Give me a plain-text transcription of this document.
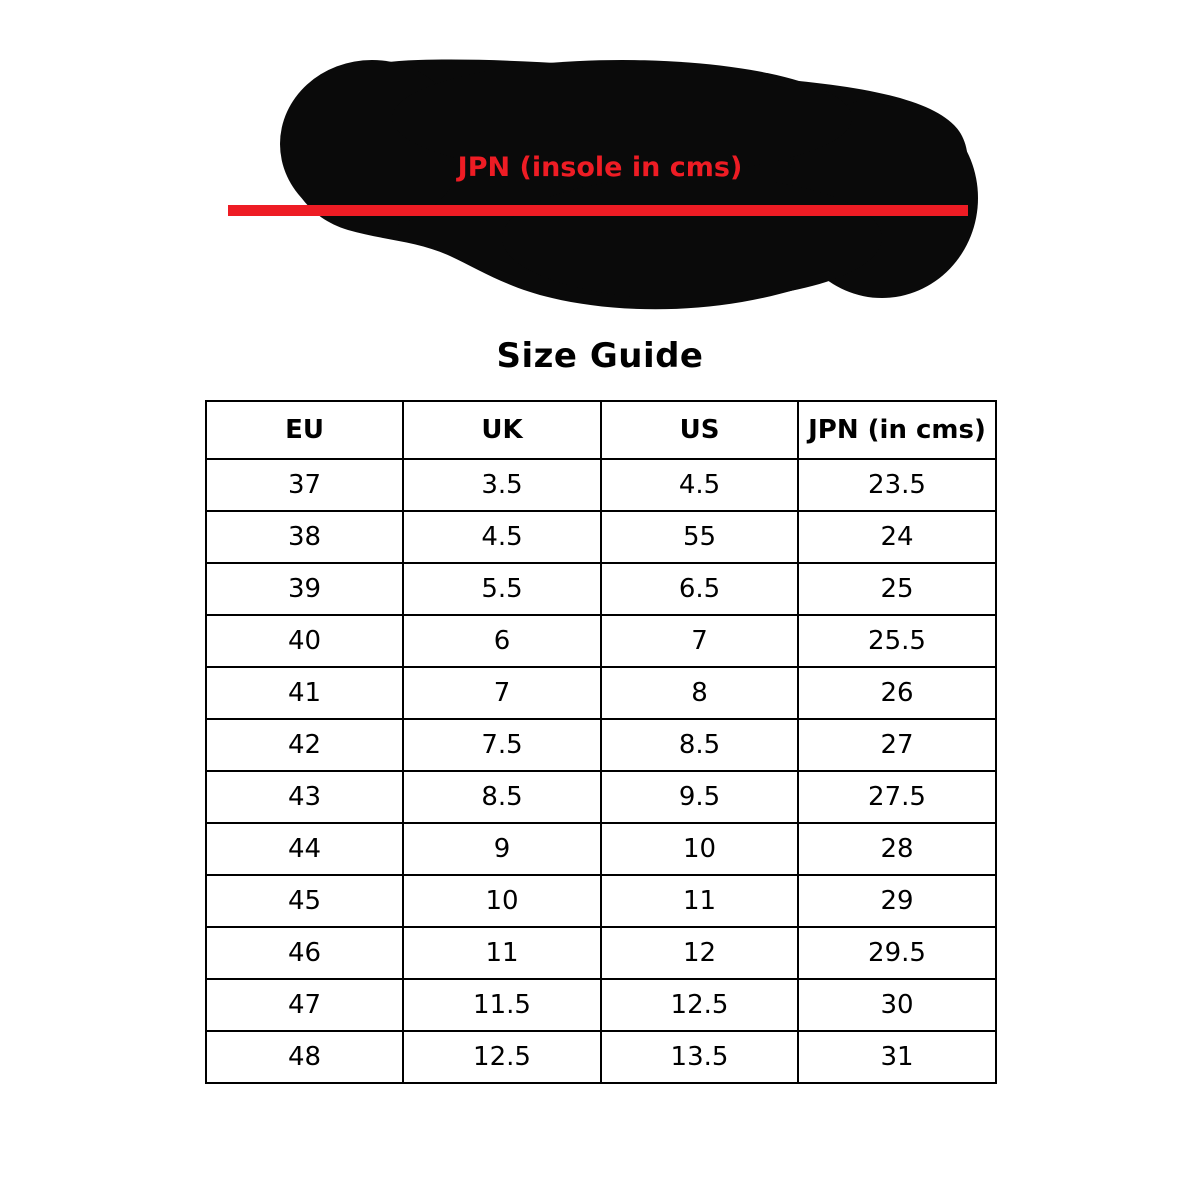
JPN (insole in cms)
Size Guide
EU	UK	US	JPN (in cms)
37	3.5	4.5	23.5
38	4.5	55	24
39	5.5	6.5	25
40	6	7	25.5
41	7	8	26
42	7.5	8.5	27
43	8.5	9.5	27.5
44	9	10	28
45	10	11	29
46	11	12	29.5
47	11.5	12.5	30
48	12.5	13.5	31
